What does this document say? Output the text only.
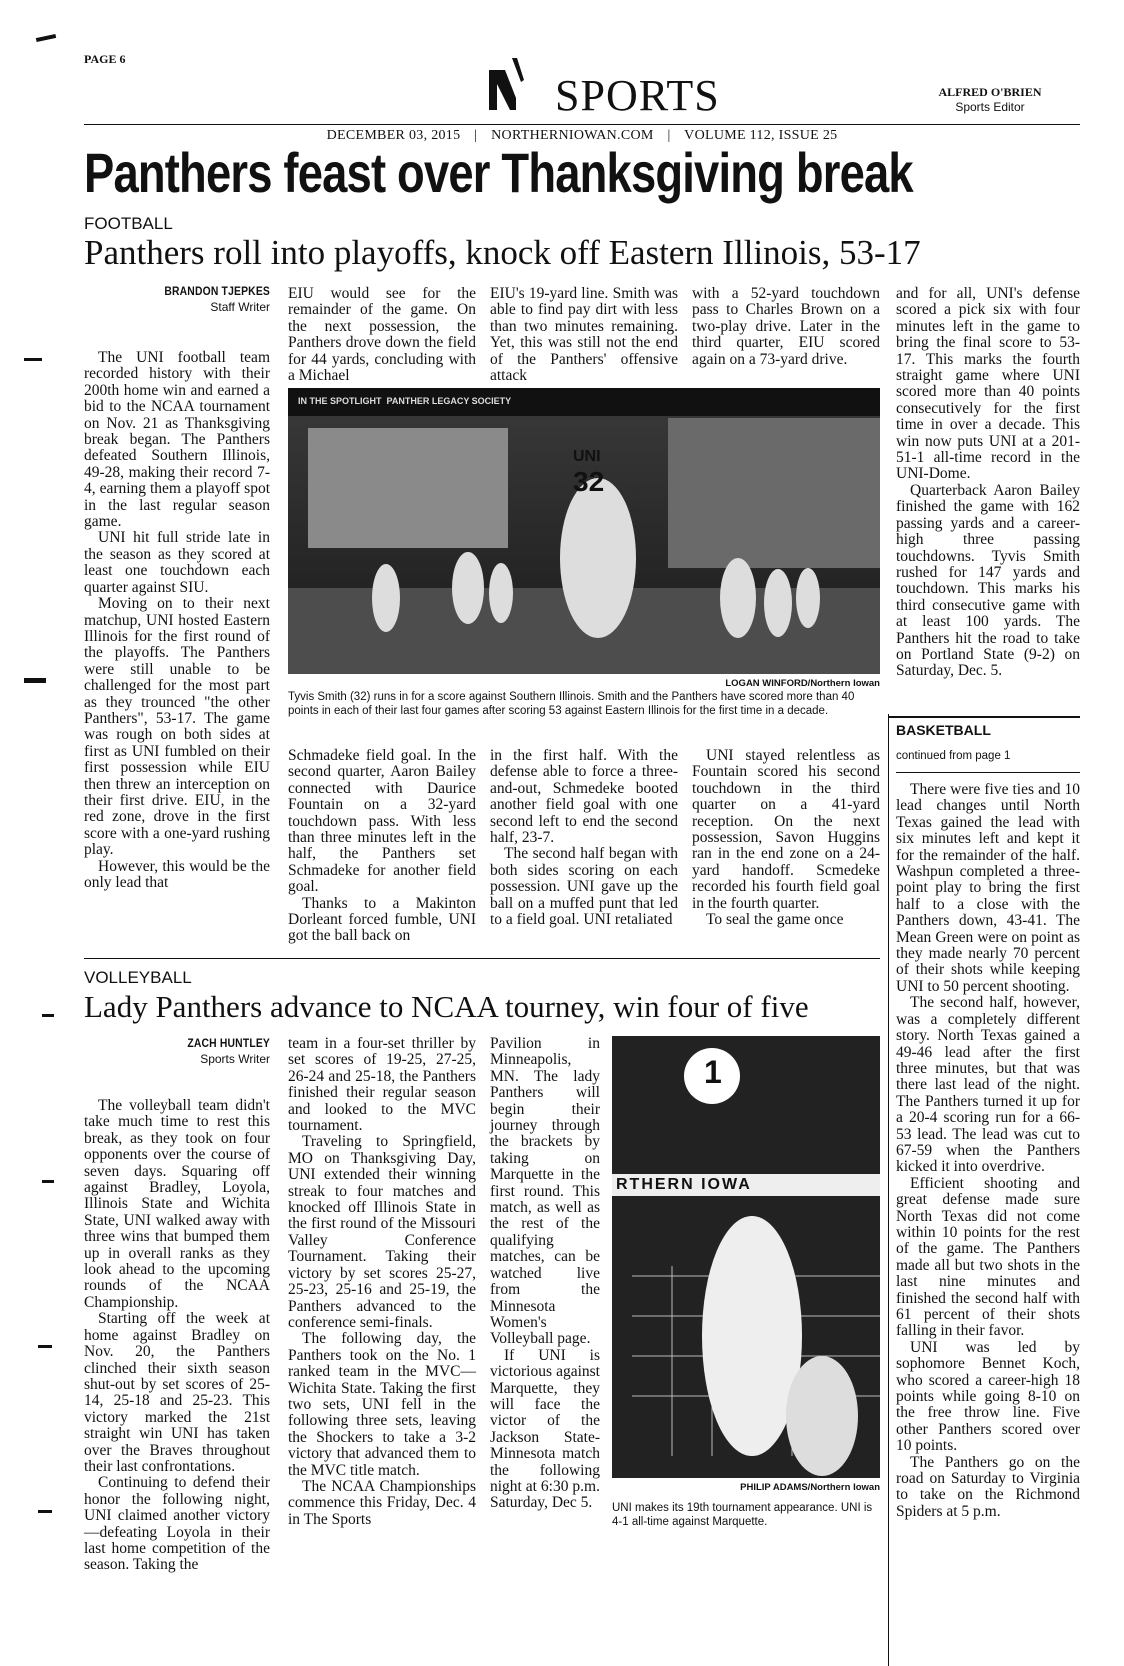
PAGE 6
SPORTS	ALFRED O'BRIEN
Sports Editor
DECEMBER 03, 2015 | NORTHERNIOWAN.COM | VOLUME 112, ISSUE 25
Panthers feast over Thanksgiving break
FOOTBALL
Panthers roll into playoffs, knock off Eastern Illinois, 53-17
BRANDON TJEPKES
Staff Writer

The UNI football team recorded history with their 200th home win and earned a bid to the NCAA tournament on Nov. 21 as Thanksgiving break began. The Panthers defeated Southern Illinois, 49-28, making their record 7-4, earning them a playoff spot in the last regular season game.

UNI hit full stride late in the season as they scored at least one touchdown each quarter against SIU.

Moving on to their next matchup, UNI hosted Eastern Illinois for the first round of the playoffs. The Panthers were still unable to be challenged for the most part as they trounced "the other Panthers", 53-17. The game was rough on both sides at first as UNI fumbled on their first possession while EIU then threw an interception on their first drive. EIU, in the red zone, drove in the first score with a one-yard rushing play.

However, this would be the only lead that

EIU would see for the remainder of the game. On the next possession, the Panthers drove down the field for 44 yards, concluding with a Michael

EIU's 19-yard line. Smith was able to find pay dirt with less than two minutes remaining. Yet, this was still not the end of the Panthers' offensive attack

with a 52-yard touchdown pass to Charles Brown on a two-play drive. Later in the third quarter, EIU scored again on a 73-yard drive.

IN THE SPOTLIGHT  PANTHER LEGACY SOCIETY
UNI
32
LOGAN WINFORD/Northern Iowan
Tyvis Smith (32) runs in for a score against Southern Illinois. Smith and the Panthers have scored more than 40 points in each of their last four games after scoring 53 against Eastern Illinois for the first time in a decade.

Schmadeke field goal. In the second quarter, Aaron Bailey connected with Daurice Fountain on a 32-yard touchdown pass. With less than three minutes left in the half, the Panthers set Schmadeke for another field goal.

Thanks to a Makinton Dorleant forced fumble, UNI got the ball back on

in the first half. With the defense able to force a three-and-out, Schmedeke booted another field goal with one second left to end the second half, 23-7.

The second half began with both sides scoring on each possession. UNI gave up the ball on a muffed punt that led to a field goal. UNI retaliated

UNI stayed relentless as Fountain scored his second touchdown in the third quarter on a 41-yard reception. On the next possession, Savon Huggins ran in the end zone on a 24-yard handoff. Scmedeke recorded his fourth field goal in the fourth quarter.

To seal the game once

and for all, UNI's defense scored a pick six with four minutes left in the game to bring the final score to 53-17. This marks the fourth straight game where UNI scored more than 40 points consecutively for the first time in over a decade. This win now puts UNI at a 201-51-1 all-time record in the UNI-Dome.

Quarterback Aaron Bailey finished the game with 162 passing yards and a career-high three passing touchdowns. Tyvis Smith rushed for 147 yards and touchdown. This marks his third consecutive game with at least 100 yards. The Panthers hit the road to take on Portland State (9-2) on Saturday, Dec. 5.

BASKETBALL
continued from page 1

There were five ties and 10 lead changes until North Texas gained the lead with six minutes left and kept it for the remainder of the half. Washpun completed a three-point play to bring the first half to a close with the Panthers down, 43-41. The Mean Green were on point as they made nearly 70 percent of their shots while keeping UNI to 50 percent shooting.

The second half, however, was a completely different story. North Texas gained a 49-46 lead after the first three minutes, but that was there last lead of the night. The Panthers turned it up for a 20-4 scoring run for a 66-53 lead. The lead was cut to 67-59 when the Panthers kicked it into overdrive.

Efficient shooting and great defense made sure North Texas did not come within 10 points for the rest of the game. The Panthers made all but two shots in the last nine minutes and finished the second half with 61 percent of their shots falling in their favor.

UNI was led by sophomore Bennet Koch, who scored a career-high 18 points while going 8-10 on the free throw line. Five other Panthers scored over 10 points.

The Panthers go on the road on Saturday to Virginia to take on the Richmond Spiders at 5 p.m.

VOLLEYBALL
Lady Panthers advance to NCAA tourney, win four of five
ZACH HUNTLEY
Sports Writer

The volleyball team didn't take much time to rest this break, as they took on four opponents over the course of seven days. Squaring off against Bradley, Loyola, Illinois State and Wichita State, UNI walked away with three wins that bumped them up in overall ranks as they look ahead to the upcoming rounds of the NCAA Championship.

Starting off the week at home against Bradley on Nov. 20, the Panthers clinched their sixth season shut-out by set scores of 25-14, 25-18 and 25-23. This victory marked the 21st straight win UNI has taken over the Braves throughout their last confrontations.

Continuing to defend their honor the following night, UNI claimed another victory—defeating Loyola in their last home competition of the season. Taking the

team in a four-set thriller by set scores of 19-25, 27-25, 26-24 and 25-18, the Panthers finished their regular season and looked to the MVC tournament.

Traveling to Springfield, MO on Thanksgiving Day, UNI extended their winning streak to four matches and knocked off Illinois State in the first round of the Missouri Valley Conference Tournament. Taking their victory by set scores 25-27, 25-23, 25-16 and 25-19, the Panthers advanced to the conference semi-finals.

The following day, the Panthers took on the No. 1 ranked team in the MVC—Wichita State. Taking the first two sets, UNI fell in the following three sets, leaving the Shockers to take a 3-2 victory that advanced them to the MVC title match.

The NCAA Championships commence this Friday, Dec. 4 in The Sports

Pavilion in Minneapolis, MN. The lady Panthers will begin their journey through the brackets by taking on Marquette in the first round. This match, as well as the rest of the qualifying matches, can be watched live from the Minnesota Women's Volleyball page.

If UNI is victorious against Marquette, they will face the victor of the Jackson State-Minnesota match the following night at 6:30 p.m. Saturday, Dec 5.

RTHERN IOWA
1
PHILIP ADAMS/Northern Iowan
UNI makes its 19th tournament appearance. UNI is 4-1 all-time against Marquette.
